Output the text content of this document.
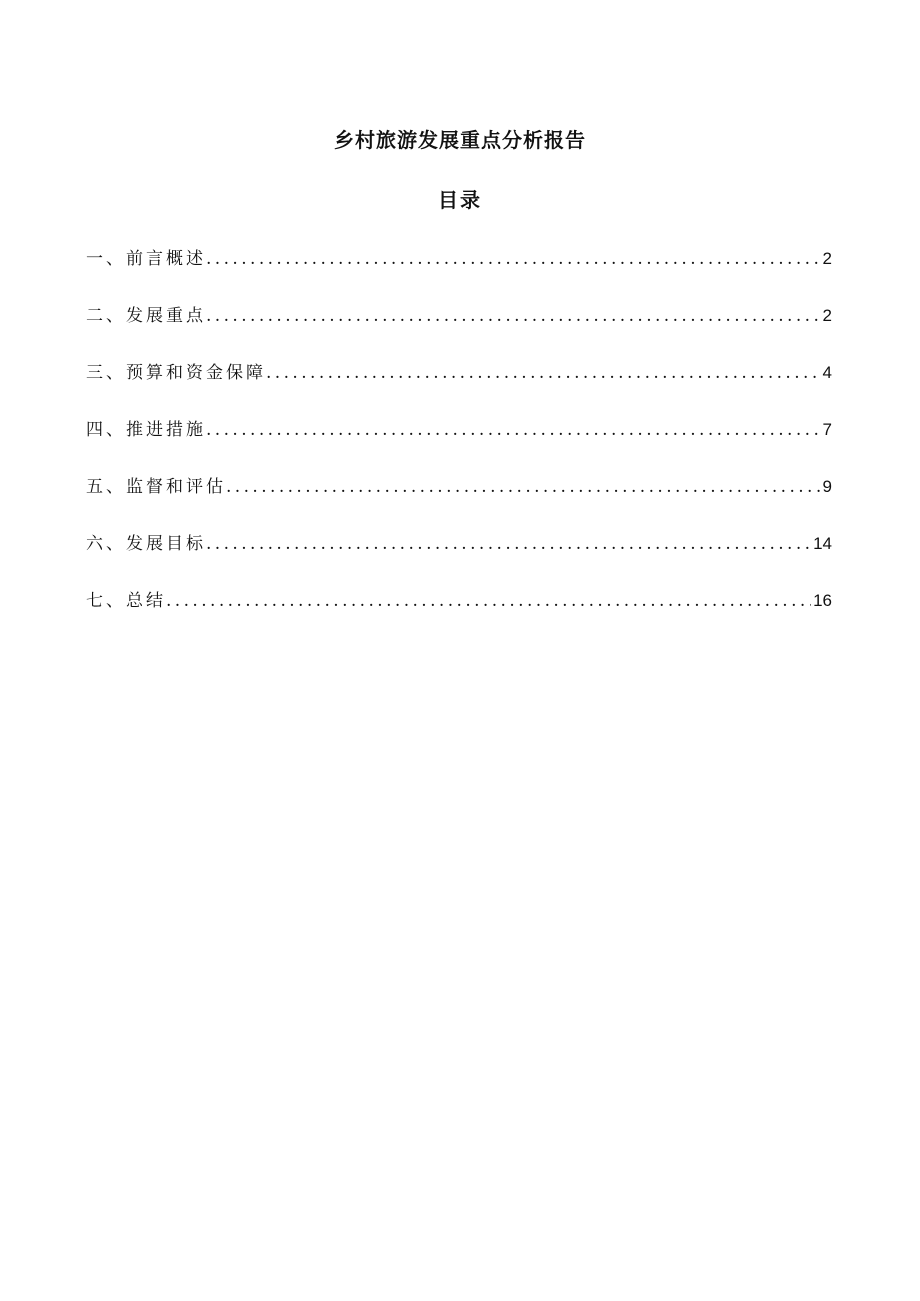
乡村旅游发展重点分析报告
目录
一、前言概述 .....	2
二、发展重点 .....	2
三、预算和资金保障 .....	4
四、推进措施 .....	7
五、监督和评估 .....	9
六、发展目标 .....	14
七、总结 .....	16
